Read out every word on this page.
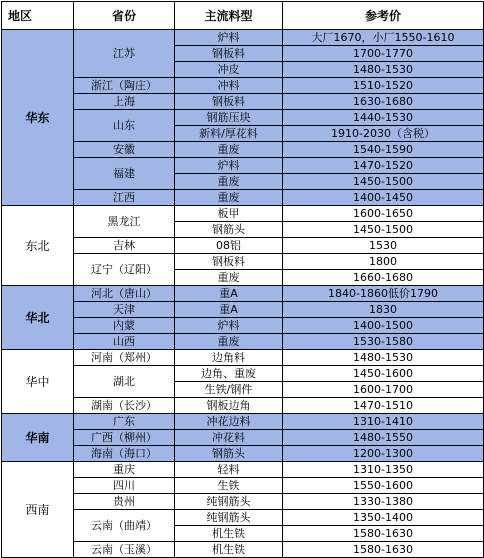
地区	省份	主流料型	参考价
华东	江苏	炉料	大厂1670，小厂1550-1610
		钢板料	1700-1770
		冲皮	1480-1530
	浙江（陶庄）	冲料	1510-1520
	上海	钢板料	1630-1680
	山东	钢筋压块	1440-1530
		新料/厚花料	1910-2030（含税）
	安徽	重废	1540-1590
	福建	炉料	1470-1520
		重废	1450-1500
	江西	重废	1400-1450
东北	黑龙江	板甲	1600-1650
		钢筋头	1450-1500
	吉林	08铝	1530
	辽宁（辽阳）	钢板料	1800
		重废	1660-1680
华北	河北（唐山）	重A	1840-1860低价1790
	天津	重A	1830
	内蒙	炉料	1400-1500
	山西	重废	1530-1580
华中	河南（郑州）	边角料	1480-1530
	湖北	边角、重废	1450-1600
		生铁/钢件	1600-1700
	湖南（长沙）	钢板边角	1470-1510
华南	广东	冲花边料	1310-1410
	广西（柳州）	冲花料	1480-1550
	海南（海口）	钢筋头	1200-1300
西南	重庆	轻料	1310-1350
	四川	生铁	1550-1600
	贵州	纯钢筋头	1330-1380
	云南（曲靖）	纯钢筋头	1350-1400
		机生铁	1580-1630
	云南（玉溪）	机生铁	1580-1630
